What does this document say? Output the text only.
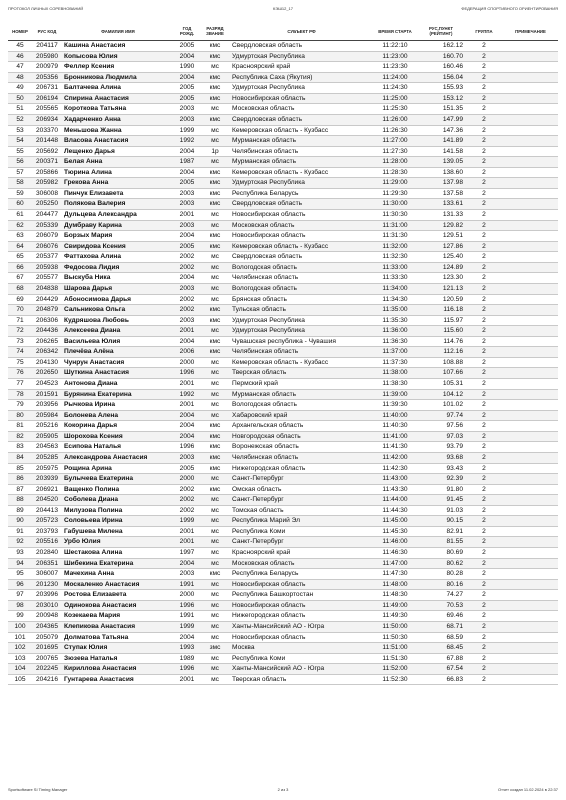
ПРОТОКОЛ ЛИЧНЫХ СОРЕВНОВАНИЙ	КЭШ12_17	ФЕДЕРАЦИЯ СПОРТИВНОГО ОРИЕНТИРОВАНИЯ
НОМЕР	РУС КОД	ФАМИЛИЯ ИМЯ	ГОД РОЖД.	РАЗРЯД ЗВАНИЕ	СУБЪЕКТ РФ	ВРЕМЯ СТАРТА	РУС.ПУНКТ (РЕЙТИНГ)	ГРУППА	ПРИМЕЧАНИЕ
45	204117	Кашина Анастасия	2005	кмс	Свердловская область	11:22:10	162.12	2	
46	205980	Копысова Юлия	2004	кмс	Удмуртская Республика	11:23:00	160.70	2	
47	200979	Феллер Ксения	1990	мс	Красноярский край	11:23:30	160.46	2	
48	205356	Бронникова Людмила	2004	кмс	Республика Саха (Якутия)	11:24:00	156.04	2	
49	206731	Балтачева Алина	2005	кмс	Удмуртская Республика	11:24:30	155.93	2	
50	206194	Спирина Анастасия	2005	кмс	Новосибирская область	11:25:00	153.12	2	
51	205565	Короткова Татьяна	2003	мс	Московская область	11:25:30	151.35	2	
52	206934	Хадарченко Анна	2003	кмс	Свердловская область	11:26:00	147.99	2	
53	203370	Меньшова Жанна	1999	мс	Кемеровская область - Кузбасс	11:26:30	147.36	2	
54	201448	Власова Анастасия	1992	мс	Мурманская область	11:27:00	141.89	2	
55	205692	Лещенко Дарья	2004	1р	Челябинская область	11:27:30	141.58	2	
56	200371	Белая Анна	1987	мс	Мурманская область	11:28:00	139.05	2	
57	205866	Тюрина Алина	2004	кмс	Кемеровская область - Кузбасс	11:28:30	138.60	2	
58	205982	Грекова Анна	2005	кмс	Удмуртская Республика	11:29:00	137.98	2	
59	306008	Пинчук Елизавета	2003	кмс	Республика Беларусь	11:29:30	137.58	2	
60	205250	Полякова Валерия	2003	кмс	Свердловская область	11:30:00	133.61	2	
61	204477	Дульцева Александра	2001	мс	Новосибирская область	11:30:30	131.33	2	
62	205339	Думбраву Карина	2003	мс	Московская область	11:31:00	129.82	2	
63	206079	Борзых Мария	2004	кмс	Новосибирская область	11:31:30	129.51	2	
64	206076	Свиридова Ксения	2005	кмс	Кемеровская область - Кузбасс	11:32:00	127.86	2	
65	205377	Фаттахова Алина	2002	мс	Свердловская область	11:32:30	125.40	2	
66	205938	Федосова Лидия	2002	мс	Вологодская область	11:33:00	124.89	2	
67	205577	Выскуба Ника	2004	мс	Челябинская область	11:33:30	123.30	2	
68	204838	Шарова Дарья	2003	мс	Вологодская область	11:34:00	121.13	2	
69	204429	Абоносимова Дарья	2002	мс	Брянская область	11:34:30	120.59	2	
70	204879	Сальникова Ольга	2002	кмс	Тульская область	11:35:00	116.18	2	
71	206306	Кудряшова Любовь	2003	кмс	Удмуртская Республика	11:35:30	115.97	2	
72	204436	Алексеева Диана	2001	мс	Удмуртская Республика	11:36:00	115.60	2	
73	206265	Васильева Юлия	2004	кмс	Чувашская республика - Чувашия	11:36:30	114.76	2	
74	206342	Плечёва Алёна	2006	кмс	Челябинская область	11:37:00	112.16	2	
75	204130	Чунрун Анастасия	2000	мс	Кемеровская область - Кузбасс	11:37:30	108.88	2	
76	202650	Шуткина Анастасия	1996	мс	Тверская область	11:38:00	107.66	2	
77	204523	Антонова Диана	2001	мс	Пермский край	11:38:30	105.31	2	
78	201591	Бурянина Екатерина	1992	мс	Мурманская область	11:39:00	104.12	2	
79	203956	Рычкова Ирина	2001	мс	Вологодская область	11:39:30	101.02	2	
80	205984	Болонева Алена	2004	мс	Хабаровский край	11:40:00	97.74	2	
81	205216	Кокорина Дарья	2004	кмс	Архангельская область	11:40:30	97.56	2	
82	205905	Шорохова Ксения	2004	кмс	Новгородская область	11:41:00	97.03	2	
83	204563	Есипова Наталья	1996	кмс	Воронежская область	11:41:30	93.79	2	
84	205285	Александрова Анастасия	2003	кмс	Челябинская область	11:42:00	93.68	2	
85	205975	Рощина Арина	2005	кмс	Нижегородская область	11:42:30	93.43	2	
86	203939	Булычева Екатерина	2000	мс	Санкт-Петербург	11:43:00	92.39	2	
87	206921	Ващенко Полина	2002	кмс	Омская область	11:43:30	91.80	2	
88	204520	Соболева Диана	2002	мс	Санкт-Петербург	11:44:00	91.45	2	
89	204413	Милузова Полина	2002	мс	Томская область	11:44:30	91.03	2	
90	205723	Соловьева Ирина	1999	мс	Республика Марий Эл	11:45:00	90.15	2	
91	203793	Габушева Милена	2001	мс	Республика Коми	11:45:30	82.91	2	
92	205516	Урбо Юлия	2001	мс	Санкт-Петербург	11:46:00	81.55	2	
93	202840	Шестакова Алина	1997	мс	Красноярский край	11:46:30	80.69	2	
94	206351	Шибекина Екатерина	2004	мс	Московская область	11:47:00	80.62	2	
95	306007	Мачехина Анна	2003	кмс	Республика Беларусь	11:47:30	80.28	2	
96	201230	Москаленко Анастасия	1991	мс	Новосибирская область	11:48:00	80.16	2	
97	203996	Ростова Елизавета	2000	мс	Республика Башкортостан	11:48:30	74.27	2	
98	203010	Одинокова Анастасия	1996	мс	Новосибирская область	11:49:00	70.53	2	
99	200948	Козекаева Мария	1991	мс	Нижегородская область	11:49:30	69.46	2	
100	204365	Клепикова Анастасия	1999	мс	Ханты-Мансийский АО - Югра	11:50:00	68.71	2	
101	205079	Долматова Татьяна	2004	мс	Новосибирская область	11:50:30	68.59	2	
102	201695	Ступак Юлия	1993	змс	Москва	11:51:00	68.45	2	
103	200765	Зюзева Наталья	1989	мс	Республика Коми	11:51:30	67.88	2	
104	202245	Кириллова Анастасия	1996	мс	Ханты-Мансийский АО - Югра	11:52:00	67.54	2	
105	204216	Гунтарева Анастасия	2001	мс	Тверская область	11:52:30	66.83	2	
Sportsoftware SI Timing Manager	2 из 3	Отчет создан 11.02.2024 в 22:37
